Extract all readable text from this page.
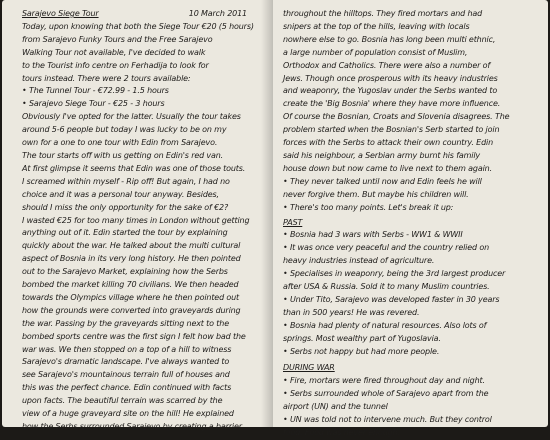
Sarajevo Siege Tour	10 March 2011
Today, upon knowing that both the Siege Tour €20 (5 hours)
from Sarajevo Funky Tours and the Free Sarajevo
Walking Tour not available, I've decided to walk
to the Tourist info centre on Ferhadija to look for
tours instead. There were 2 tours available:
• The Tunnel Tour - €72.99 - 1.5 hours
• Sarajevo Siege Tour - €25 - 3 hours
Obviously I've opted for the latter. Usually the tour takes
around 5-6 people but today I was lucky to be on my
own for a one to one tour with Edin from Sarajevo.
The tour starts off with us getting on Edin's red van.
At first glimpse it seems that Edin was one of those touts.
I screamed within myself - Rip off! But again, I had no
choice and it was a personal tour anyway. Besides,
should I miss the only opportunity for the sake of €2?
I wasted €25 for too many times in London without getting
anything out of it. Edin started the tour by explaining
quickly about the war. He talked about the multi cultural
aspect of Bosnia in its very long history. He then pointed
out to the Sarajevo Market, explaining how the Serbs
bombed the market killing 70 civilians. We then headed
towards the Olympics village where he then pointed out
how the grounds were converted into graveyards during
the war. Passing by the graveyards sitting next to the
bombed sports centre was the first sign I felt how bad the
war was. We then stopped on a top of a hill to witness
Sarajevo's dramatic landscape. I've always wanted to
see Sarajevo's mountainous terrain full of houses and
this was the perfect chance. Edin continued with facts
upon facts. The beautiful terrain was scarred by the
view of a huge graveyard site on the hill! He explained
how the Serbs surrounded Sarajevo by creating a barrier
throughout the hilltops. They fired mortars and had
snipers at the top of the hills, leaving with locals
nowhere else to go. Bosnia has long been multi ethnic,
a large number of population consist of Muslim,
Orthodox and Catholics. There were also a number of
Jews. Though once prosperous with its heavy industries
and weaponry, the Yugoslav under the Serbs wanted to
create the 'Big Bosnia' where they have more influence.
Of course the Bosnian, Croats and Slovenia disagrees. The
problem started when the Bosnian's Serb started to join
forces with the Serbs to attack their own country. Edin
said his neighbour, a Serbian army burnt his family
house down but now came to live next to them again.
• They never talked until now and Edin feels he will
never forgive them. But maybe his children will.
• There's too many points. Let's break it up:
PAST
• Bosnia had 3 wars with Serbs - WW1 & WWII
• It was once very peaceful and the country relied on
heavy industries instead of agriculture.
• Specialises in weaponry, being the 3rd largest producer
after USA & Russia. Sold it to many Muslim countries.
• Under Tito, Sarajevo was developed faster in 30 years
than in 500 years! He was revered.
• Bosnia had plenty of natural resources. Also lots of
springs. Most wealthy part of Yugoslavia.
• Serbs not happy but had more people.
DURING WAR
• Fire, mortars were fired throughout day and night.
• Serbs surrounded whole of Sarajevo apart from the
airport (UN) and the tunnel
• UN was told not to intervene much. But they control
food. Food was never enough.
